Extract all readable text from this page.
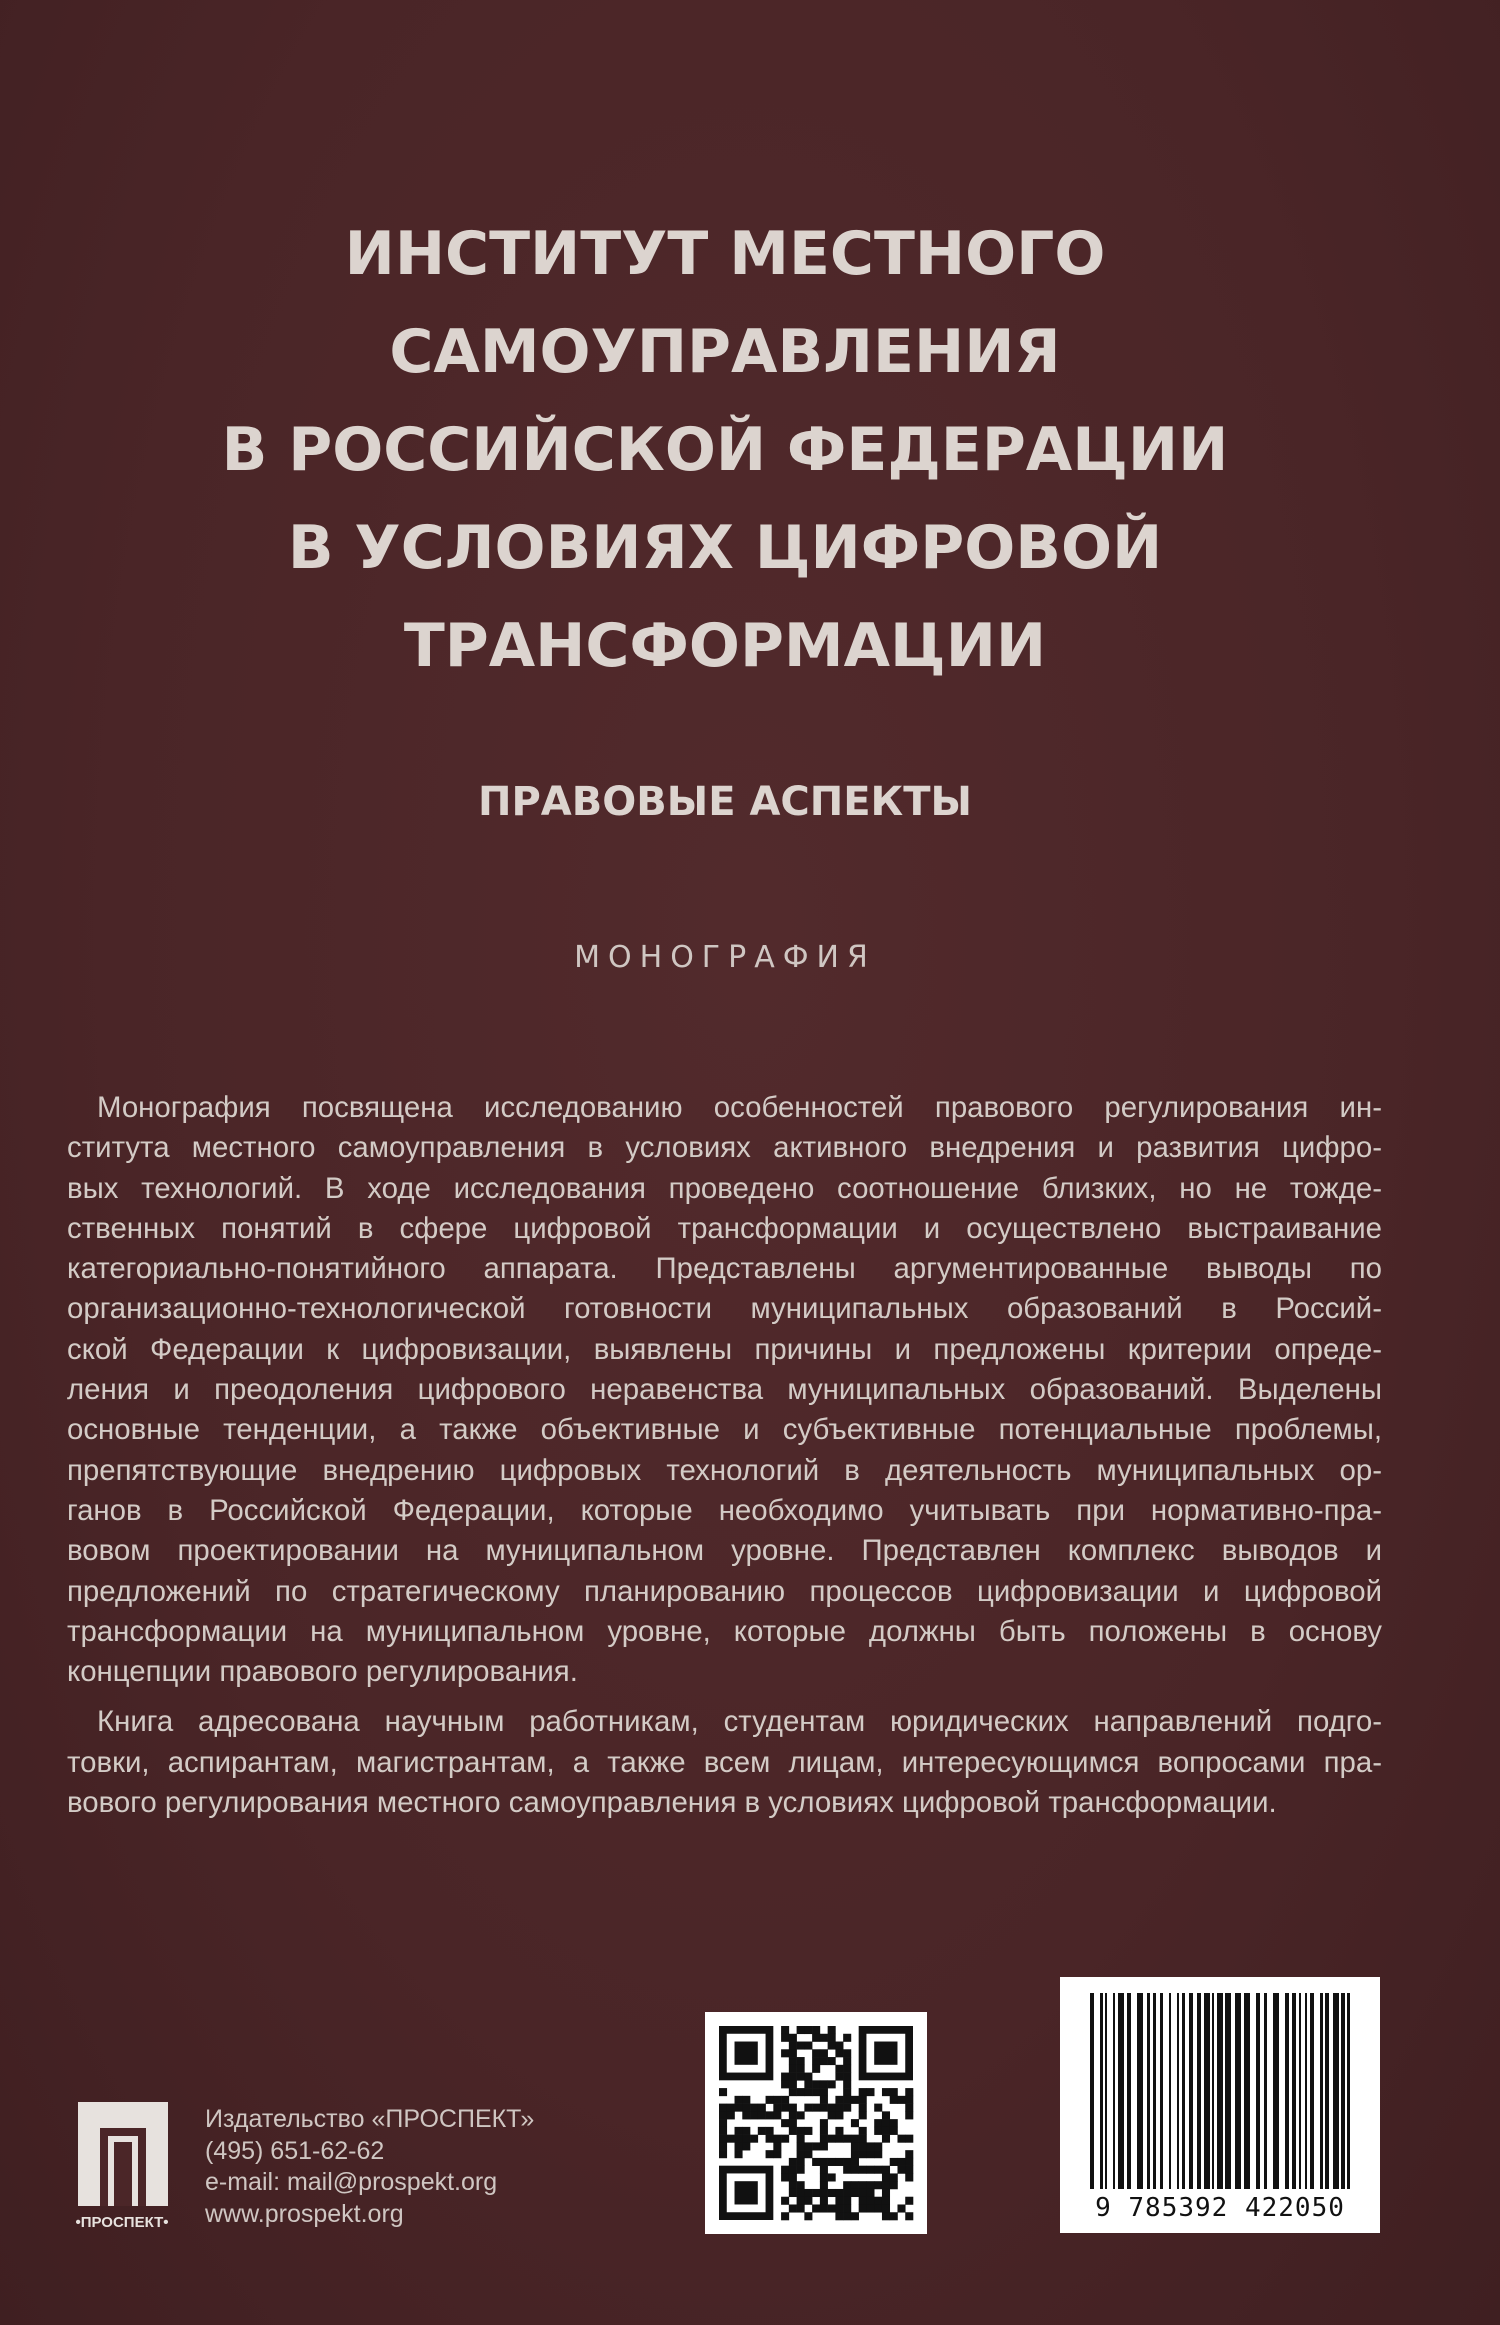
ИНСТИТУТ МЕСТНОГО
САМОУПРАВЛЕНИЯ
В РОССИЙСКОЙ ФЕДЕРАЦИИ
В УСЛОВИЯХ ЦИФРОВОЙ
ТРАНСФОРМАЦИИ
ПРАВОВЫЕ АСПЕКТЫ
МОНОГРАФИЯ

Монография посвящена исследованию особенностей правового регулирования ин-
ститута местного самоуправления в условиях активного внедрения и развития цифро-
вых технологий. В ходе исследования проведено соотношение близких, но не тожде-
ственных понятий в сфере цифровой трансформации и осуществлено выстраивание
категориально-понятийного аппарата. Представлены аргументированные выводы по
организационно-технологической готовности муниципальных образований в Россий-
ской Федерации к цифровизации, выявлены причины и предложены критерии опреде-
ления и преодоления цифрового неравенства муниципальных образований. Выделены
основные тенденции, а также объективные и субъективные потенциальные проблемы,
препятствующие внедрению цифровых технологий в деятельность муниципальных ор-
ганов в Российской Федерации, которые необходимо учитывать при нормативно-пра-
вовом проектировании на муниципальном уровне. Представлен комплекс выводов и
предложений по стратегическому планированию процессов цифровизации и цифровой
трансформации на муниципальном уровне, которые должны быть положены в основу
концепции правового регулирования.

Книга адресована научным работникам, студентам юридических направлений подго-
товки, аспирантам, магистрантам, а также всем лицам, интересующимся вопросами пра-
вового регулирования местного самоуправления в условиях цифровой трансформации.

•ПРОСПЕКТ•
Издательство «ПРОСПЕКТ»
(495) 651-62-62
e-mail: mail@prospekt.org
www.prospekt.org	9 785392 422050
